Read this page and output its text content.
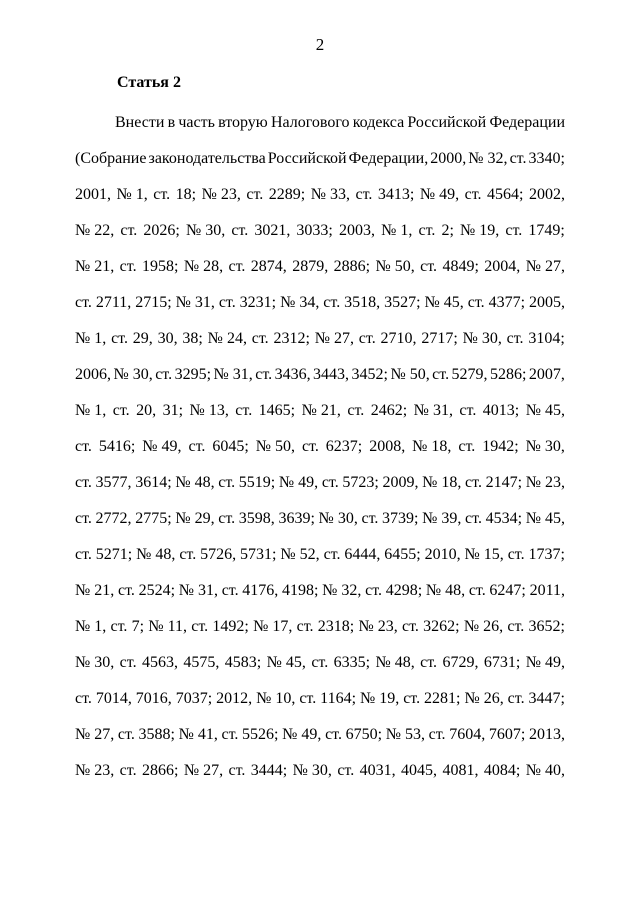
2
Статья 2
Внести в часть вторую Налогового кодекса Российской Федерации
(Собрание законодательства Российской Федерации, 2000, № 32, ст. 3340;
2001, № 1, ст. 18; № 23, ст. 2289; № 33, ст. 3413; № 49, ст. 4564; 2002,
№ 22, ст. 2026; № 30, ст. 3021, 3033; 2003, № 1, ст. 2; № 19, ст. 1749;
№ 21, ст. 1958; № 28, ст. 2874, 2879, 2886; № 50, ст. 4849; 2004, № 27,
ст. 2711, 2715; № 31, ст. 3231; № 34, ст. 3518, 3527; № 45, ст. 4377; 2005,
№ 1, ст. 29, 30, 38; № 24, ст. 2312; № 27, ст. 2710, 2717; № 30, ст. 3104;
2006, № 30, ст. 3295; № 31, ст. 3436, 3443, 3452; № 50, ст. 5279, 5286; 2007,
№ 1, ст. 20, 31; № 13, ст. 1465; № 21, ст. 2462; № 31, ст. 4013; № 45,
ст. 5416; № 49, ст. 6045; № 50, ст. 6237; 2008, № 18, ст. 1942; № 30,
ст. 3577, 3614; № 48, ст. 5519; № 49, ст. 5723; 2009, № 18, ст. 2147; № 23,
ст. 2772, 2775; № 29, ст. 3598, 3639; № 30, ст. 3739; № 39, ст. 4534; № 45,
ст. 5271; № 48, ст. 5726, 5731; № 52, ст. 6444, 6455; 2010, № 15, ст. 1737;
№ 21, ст. 2524; № 31, ст. 4176, 4198; № 32, ст. 4298; № 48, ст. 6247; 2011,
№ 1, ст. 7; № 11, ст. 1492; № 17, ст. 2318; № 23, ст. 3262; № 26, ст. 3652;
№ 30, ст. 4563, 4575, 4583; № 45, ст. 6335; № 48, ст. 6729, 6731; № 49,
ст. 7014, 7016, 7037; 2012, № 10, ст. 1164; № 19, ст. 2281; № 26, ст. 3447;
№ 27, ст. 3588; № 41, ст. 5526; № 49, ст. 6750; № 53, ст. 7604, 7607; 2013,
№ 23, ст. 2866; № 27, ст. 3444; № 30, ст. 4031, 4045, 4081, 4084; № 40,
